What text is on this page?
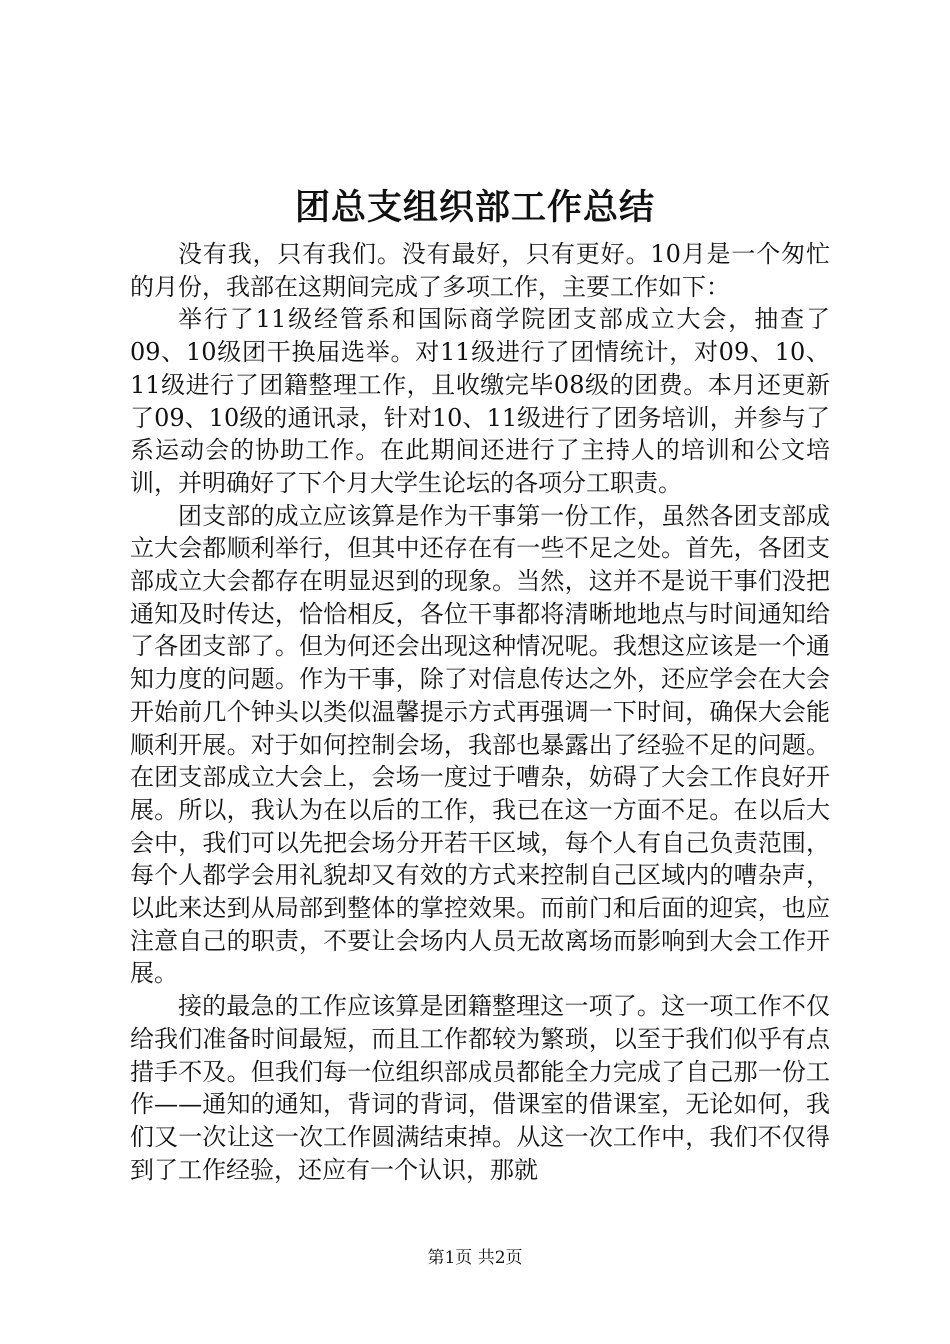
团总支组织部工作总结

没有我，只有我们。没有最好，只有更好。10月是一个匆忙的月份，我部在这期间完成了多项工作，主要工作如下：

举行了11级经管系和国际商学院团支部成立大会，抽查了09、10级团干换届选举。对11级进行了团情统计，对09、10、11级进行了团籍整理工作，且收缴完毕08级的团费。本月还更新了09、10级的通讯录，针对10、11级进行了团务培训，并参与了系运动会的协助工作。在此期间还进行了主持人的培训和公文培训，并明确好了下个月大学生论坛的各项分工职责。

团支部的成立应该算是作为干事第一份工作，虽然各团支部成立大会都顺利举行，但其中还存在有一些不足之处。首先，各团支部成立大会都存在明显迟到的现象。当然，这并不是说干事们没把通知及时传达，恰恰相反，各位干事都将清晰地地点与时间通知给了各团支部了。但为何还会出现这种情况呢。我想这应该是一个通知力度的问题。作为干事，除了对信息传达之外，还应学会在大会开始前几个钟头以类似温馨提示方式再强调一下时间，确保大会能顺利开展。对于如何控制会场，我部也暴露出了经验不足的问题。在团支部成立大会上，会场一度过于嘈杂，妨碍了大会工作良好开展。所以，我认为在以后的工作，我已在这一方面不足。在以后大会中，我们可以先把会场分开若干区域，每个人有自己负责范围，每个人都学会用礼貌却又有效的方式来控制自己区域内的嘈杂声，以此来达到从局部到整体的掌控效果。而前门和后面的迎宾，也应注意自己的职责，不要让会场内人员无故离场而影响到大会工作开展。

接的最急的工作应该算是团籍整理这一项了。这一项工作不仅给我们准备时间最短，而且工作都较为繁琐，以至于我们似乎有点措手不及。但我们每一位组织部成员都能全力完成了自己那一份工作——通知的通知，背词的背词，借课室的借课室，无论如何，我们又一次让这一次工作圆满结束掉。从这一次工作中，我们不仅得到了工作经验，还应有一个认识，那就

第1页 共2页
